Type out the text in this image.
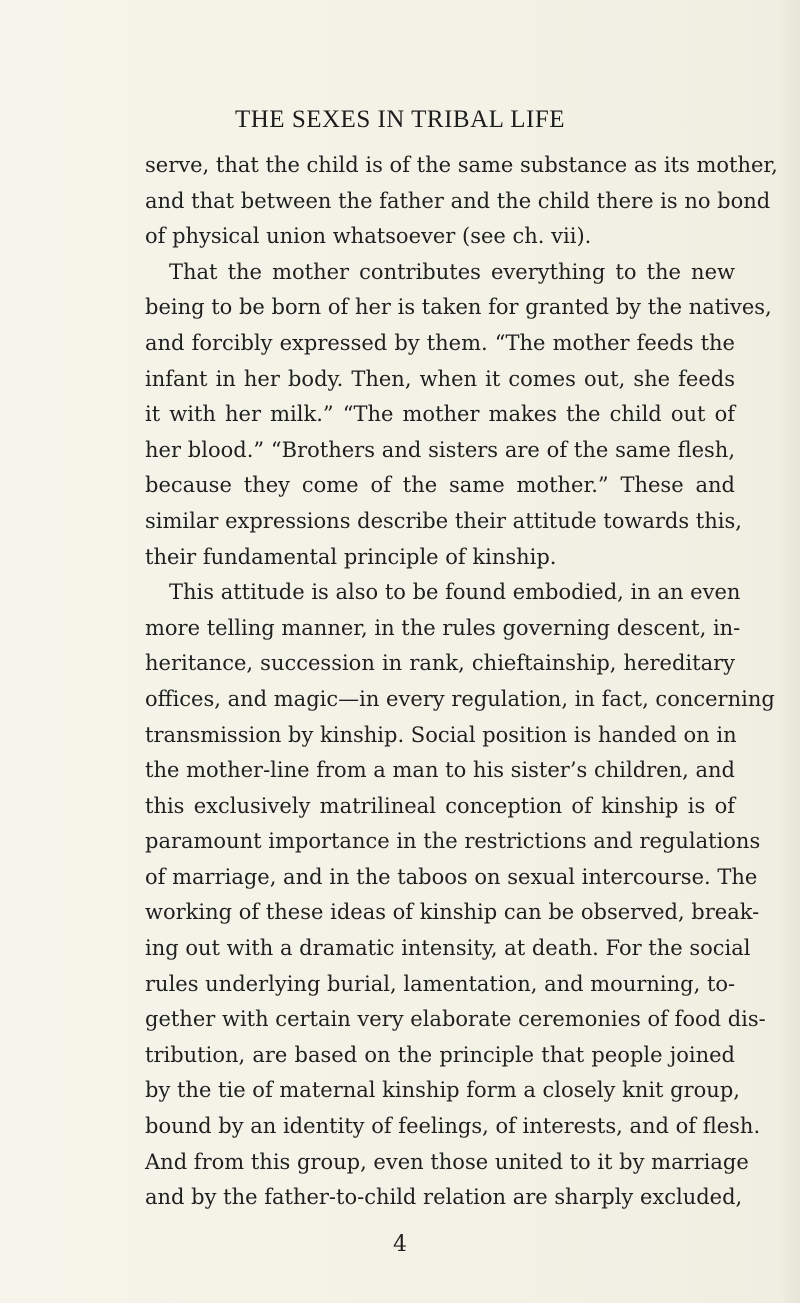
THE SEXES IN TRIBAL LIFE
serve, that the child is of the same substance as its mother,
and that between the father and the child there is no bond
of physical union whatsoever (see ch. vii).
That the mother contributes everything to the new
being to be born of her is taken for granted by the natives,
and forcibly expressed by them. “The mother feeds the
infant in her body. Then, when it comes out, she feeds
it with her milk.” “The mother makes the child out of
her blood.” “Brothers and sisters are of the same flesh,
because they come of the same mother.” These and
similar expressions describe their attitude towards this,
their fundamental principle of kinship.
This attitude is also to be found embodied, in an even
more telling manner, in the rules governing descent, in-
heritance, succession in rank, chieftainship, hereditary
offices, and magic—in every regulation, in fact, concerning
transmission by kinship. Social position is handed on in
the mother-line from a man to his sister’s children, and
this exclusively matrilineal conception of kinship is of
paramount importance in the restrictions and regulations
of marriage, and in the taboos on sexual intercourse. The
working of these ideas of kinship can be observed, break-
ing out with a dramatic intensity, at death. For the social
rules underlying burial, lamentation, and mourning, to-
gether with certain very elaborate ceremonies of food dis-
tribution, are based on the principle that people joined
by the tie of maternal kinship form a closely knit group,
bound by an identity of feelings, of interests, and of flesh.
And from this group, even those united to it by marriage
and by the father-to-child relation are sharply excluded,
4
